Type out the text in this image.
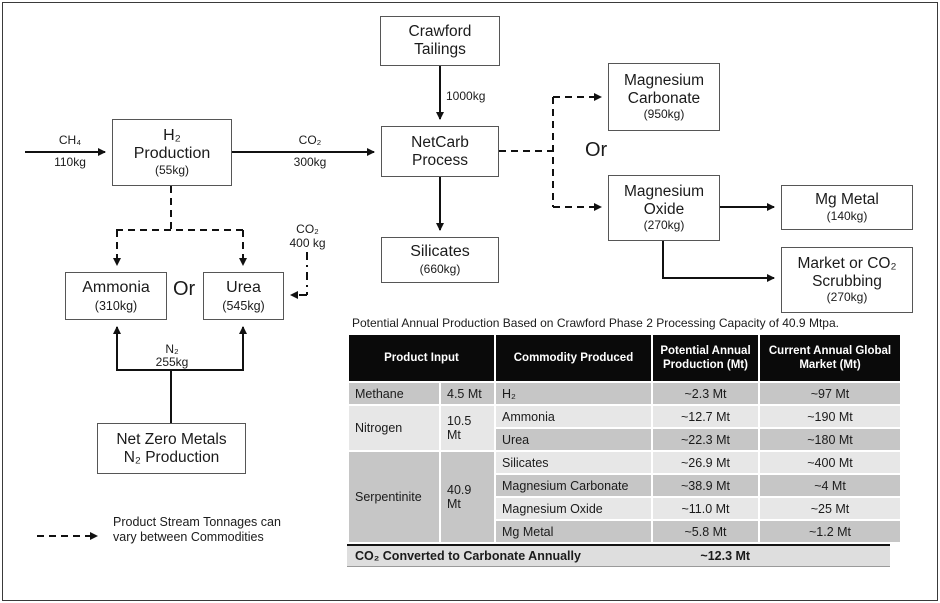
Crawford
Tailings
H₂
Production
(55kg)
NetCarb
Process
Silicates
(660kg)
Ammonia
(310kg)
Urea
(545kg)
Magnesium
Carbonate
(950kg)
Magnesium
Oxide
(270kg)
Mg Metal
(140kg)
Market or CO₂
Scrubbing
(270kg)
Net Zero Metals
N₂ Production
CH₄
110kg
CO₂
300kg
1000kg
CO₂
400 kg
N₂
255kg
Or
Or
Product Stream Tonnages can
vary between Commodities
Potential Annual Production Based on Crawford Phase 2 Processing Capacity of 40.9 Mtpa.
Product Input		Commodity Produced	Potential Annual Production (Mt)	Current Annual Global Market (Mt)
Methane	4.5 Mt	H₂	~2.3 Mt	~97 Mt
Nitrogen	10.5 Mt	Ammonia	~12.7 Mt	~190 Mt
		Urea	~22.3 Mt	~180 Mt
Serpentinite	40.9 Mt	Silicates	~26.9 Mt	~400 Mt
		Magnesium Carbonate	~38.9 Mt	~4 Mt
		Magnesium Oxide	~11.0 Mt	~25 Mt
		Mg Metal	~5.8 Mt	~1.2 Mt
CO₂ Converted to Carbonate Annually	~12.3 Mt
